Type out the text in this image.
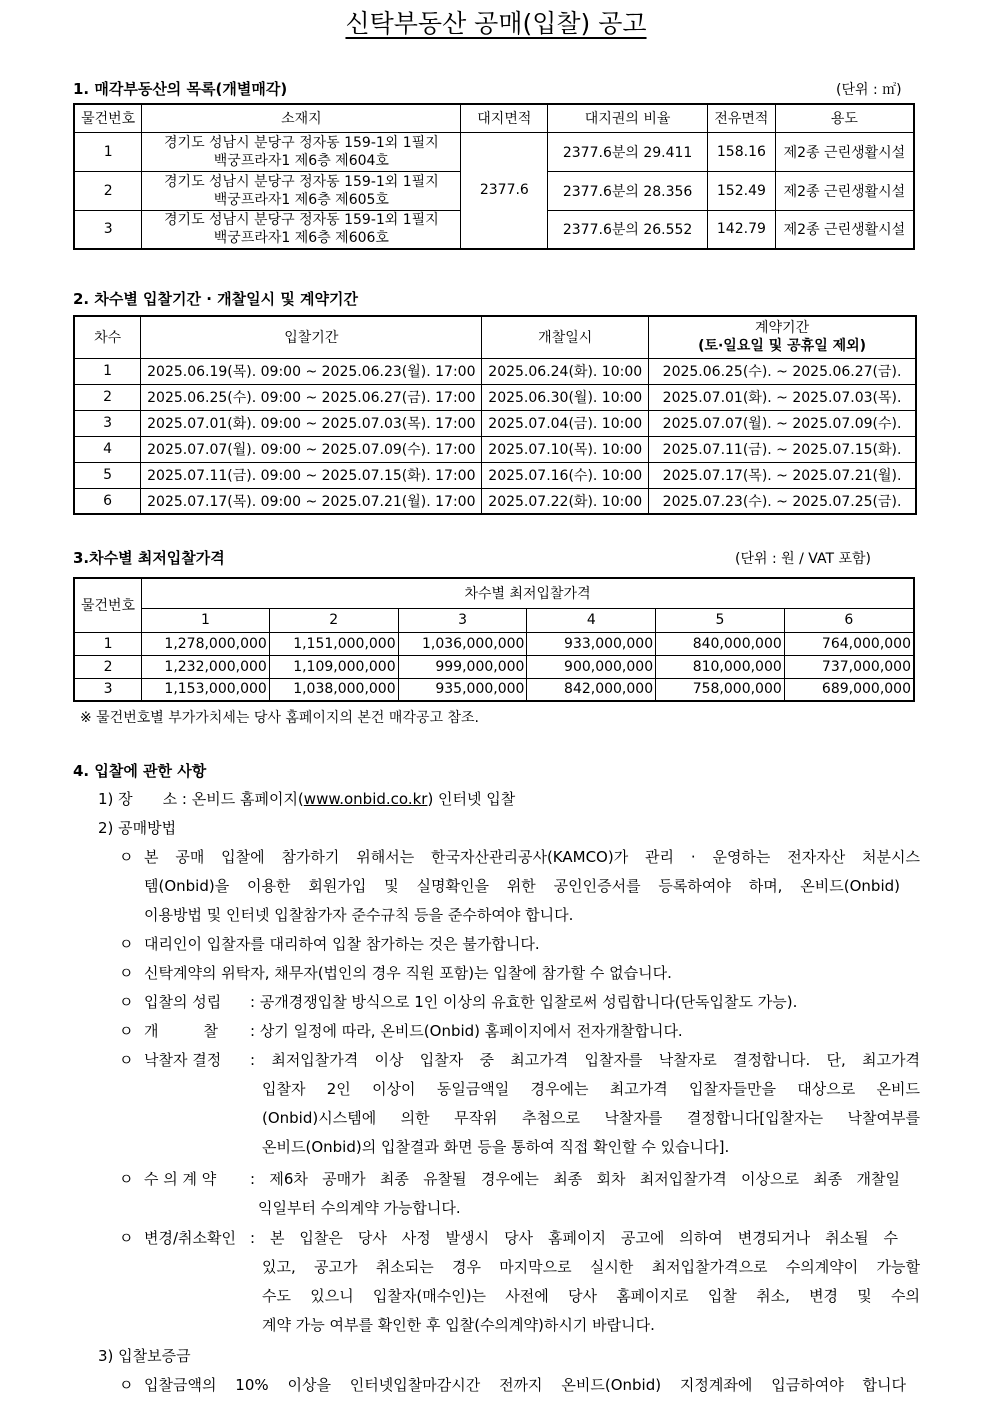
신탁부동산 공매(입찰) 공고
1. 매각부동산의 목록(개별매각)	(단위 : ㎡)
물건번호	소재지	대지면적	대지권의 비율	전유면적	용도
1	경기도 성남시 분당구 정자동 159-1외 1필지
백궁프라자1 제6층 제604호	2377.6	2377.6분의 29.411	158.16	제2종 근린생활시설
2	경기도 성남시 분당구 정자동 159-1외 1필지
백궁프라자1 제6층 제605호		2377.6분의 28.356	152.49	제2종 근린생활시설
3	경기도 성남시 분당구 정자동 159-1외 1필지
백궁프라자1 제6층 제606호		2377.6분의 26.552	142.79	제2종 근린생활시설
2. 차수별 입찰기간 · 개찰일시 및 계약기간
차수	입찰기간	개찰일시	계약기간
(토·일요일 및 공휴일 제외)

1	2025.06.19(목). 09:00 ~ 2025.06.23(월). 17:00	2025.06.24(화). 10:00	2025.06.25(수). ~ 2025.06.27(금).
2	2025.06.25(수). 09:00 ~ 2025.06.27(금). 17:00	2025.06.30(월). 10:00	2025.07.01(화). ~ 2025.07.03(목).
3	2025.07.01(화). 09:00 ~ 2025.07.03(목). 17:00	2025.07.04(금). 10:00	2025.07.07(월). ~ 2025.07.09(수).
4	2025.07.07(월). 09:00 ~ 2025.07.09(수). 17:00	2025.07.10(목). 10:00	2025.07.11(금). ~ 2025.07.15(화).
5	2025.07.11(금). 09:00 ~ 2025.07.15(화). 17:00	2025.07.16(수). 10:00	2025.07.17(목). ~ 2025.07.21(월).
6	2025.07.17(목). 09:00 ~ 2025.07.21(월). 17:00	2025.07.22(화). 10:00	2025.07.23(수). ~ 2025.07.25(금).
3.차수별 최저입찰가격	(단위 : 원 / VAT 포함)
물건번호	차수별 최저입찰가격					
	1	2	3	4	5	6
1	1,278,000,000	1,151,000,000	1,036,000,000	933,000,000	840,000,000	764,000,000
2	1,232,000,000	1,109,000,000	999,000,000	900,000,000	810,000,000	737,000,000
3	1,153,000,000	1,038,000,000	935,000,000	842,000,000	758,000,000	689,000,000
※ 물건번호별 부가가치세는 당사 홈페이지의 본건 매각공고 참조.
4. 입찰에 관한 사항
1) 장　　소 : 온비드 홈페이지(www.onbid.co.kr) 인터넷 입찰
2) 공매방법
ㅇ 본 공매 입찰에 참가하기 위해서는 한국자산관리공사(KAMCO)가 관리 · 운영하는 전자자산 처분시스
템(Onbid)을 이용한 회원가입 및 실명확인을 위한 공인인증서를 등록하여야 하며, 온비드(Onbid)
이용방법 및 인터넷 입찰참가자 준수규칙 등을 준수하여야 합니다.
ㅇ 대리인이 입찰자를 대리하여 입찰 참가하는 것은 불가합니다.
ㅇ 신탁계약의 위탁자, 채무자(법인의 경우 직원 포함)는 입찰에 참가할 수 없습니다.
ㅇ 입찰의 성립 : 공개경쟁입찰 방식으로 1인 이상의 유효한 입찰로써 성립합니다(단독입찰도 가능).
ㅇ 개　　　찰 : 상기 일정에 따라, 온비드(Onbid) 홈페이지에서 전자개찰합니다.
ㅇ 낙찰자 결정 : 최저입찰가격 이상 입찰자 중 최고가격 입찰자를 낙찰자로 결정합니다. 단, 최고가격
입찰자 2인 이상이 동일금액일 경우에는 최고가격 입찰자들만을 대상으로 온비드
(Onbid)시스템에 의한 무작위 추첨으로 낙찰자를 결정합니다[입찰자는 낙찰여부를
온비드(Onbid)의 입찰결과 화면 등을 통하여 직접 확인할 수 있습니다].
ㅇ 수 의 계 약 : 제6차 공매가 최종 유찰될 경우에는 최종 회차 최저입찰가격 이상으로 최종 개찰일
익일부터 수의계약 가능합니다.
ㅇ 변경/취소확인 : 본 입찰은 당사 사정 발생시 당사 홈페이지 공고에 의하여 변경되거나 취소될 수
있고, 공고가 취소되는 경우 마지막으로 실시한 최저입찰가격으로 수의계약이 가능할
수도 있으니 입찰자(매수인)는 사전에 당사 홈페이지로 입찰 취소, 변경 및 수의
계약 가능 여부를 확인한 후 입찰(수의계약)하시기 바랍니다.
3) 입찰보증금
ㅇ 입찰금액의 10% 이상을 인터넷입찰마감시간 전까지 온비드(Onbid) 지정계좌에 입금하여야 합니다
